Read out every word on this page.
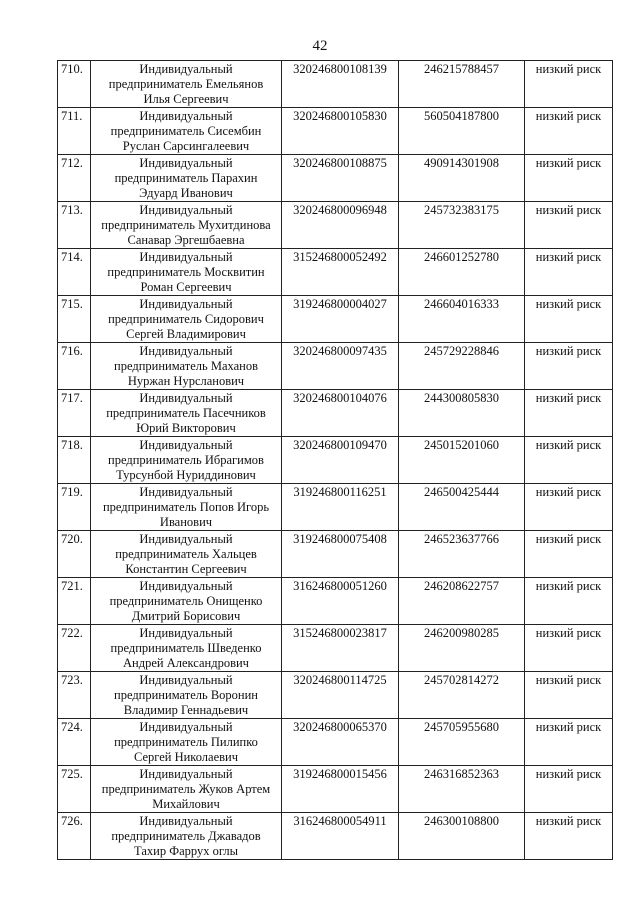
42
710.	Индивидуальный предприниматель Емельянов Илья Сергеевич	320246800108139	246215788457	низкий риск
711.	Индивидуальный предприниматель Сисембин Руслан Сарсингалеевич	320246800105830	560504187800	низкий риск
712.	Индивидуальный предприниматель Парахин Эдуард Иванович	320246800108875	490914301908	низкий риск
713.	Индивидуальный предприниматель Мухитдинова Санавар Эргешбаевна	320246800096948	245732383175	низкий риск
714.	Индивидуальный предприниматель Москвитин Роман Сергеевич	315246800052492	246601252780	низкий риск
715.	Индивидуальный предприниматель Сидорович Сергей Владимирович	319246800004027	246604016333	низкий риск
716.	Индивидуальный предприниматель Маханов Нуржан Нурсланович	320246800097435	245729228846	низкий риск
717.	Индивидуальный предприниматель Пасечников Юрий Викторович	320246800104076	244300805830	низкий риск
718.	Индивидуальный предприниматель Ибрагимов Турсунбой Нуриддинович	320246800109470	245015201060	низкий риск
719.	Индивидуальный предприниматель Попов Игорь Иванович	319246800116251	246500425444	низкий риск
720.	Индивидуальный предприниматель Хальцев Константин Сергеевич	319246800075408	246523637766	низкий риск
721.	Индивидуальный предприниматель Онищенко Дмитрий Борисович	316246800051260	246208622757	низкий риск
722.	Индивидуальный предприниматель Шведенко Андрей Александрович	315246800023817	246200980285	низкий риск
723.	Индивидуальный предприниматель Воронин Владимир Геннадьевич	320246800114725	245702814272	низкий риск
724.	Индивидуальный предприниматель Пилипко Сергей Николаевич	320246800065370	245705955680	низкий риск
725.	Индивидуальный предприниматель Жуков Артем Михайлович	319246800015456	246316852363	низкий риск
726.	Индивидуальный предприниматель Джавадов Тахир Фаррух оглы	316246800054911	246300108800	низкий риск
